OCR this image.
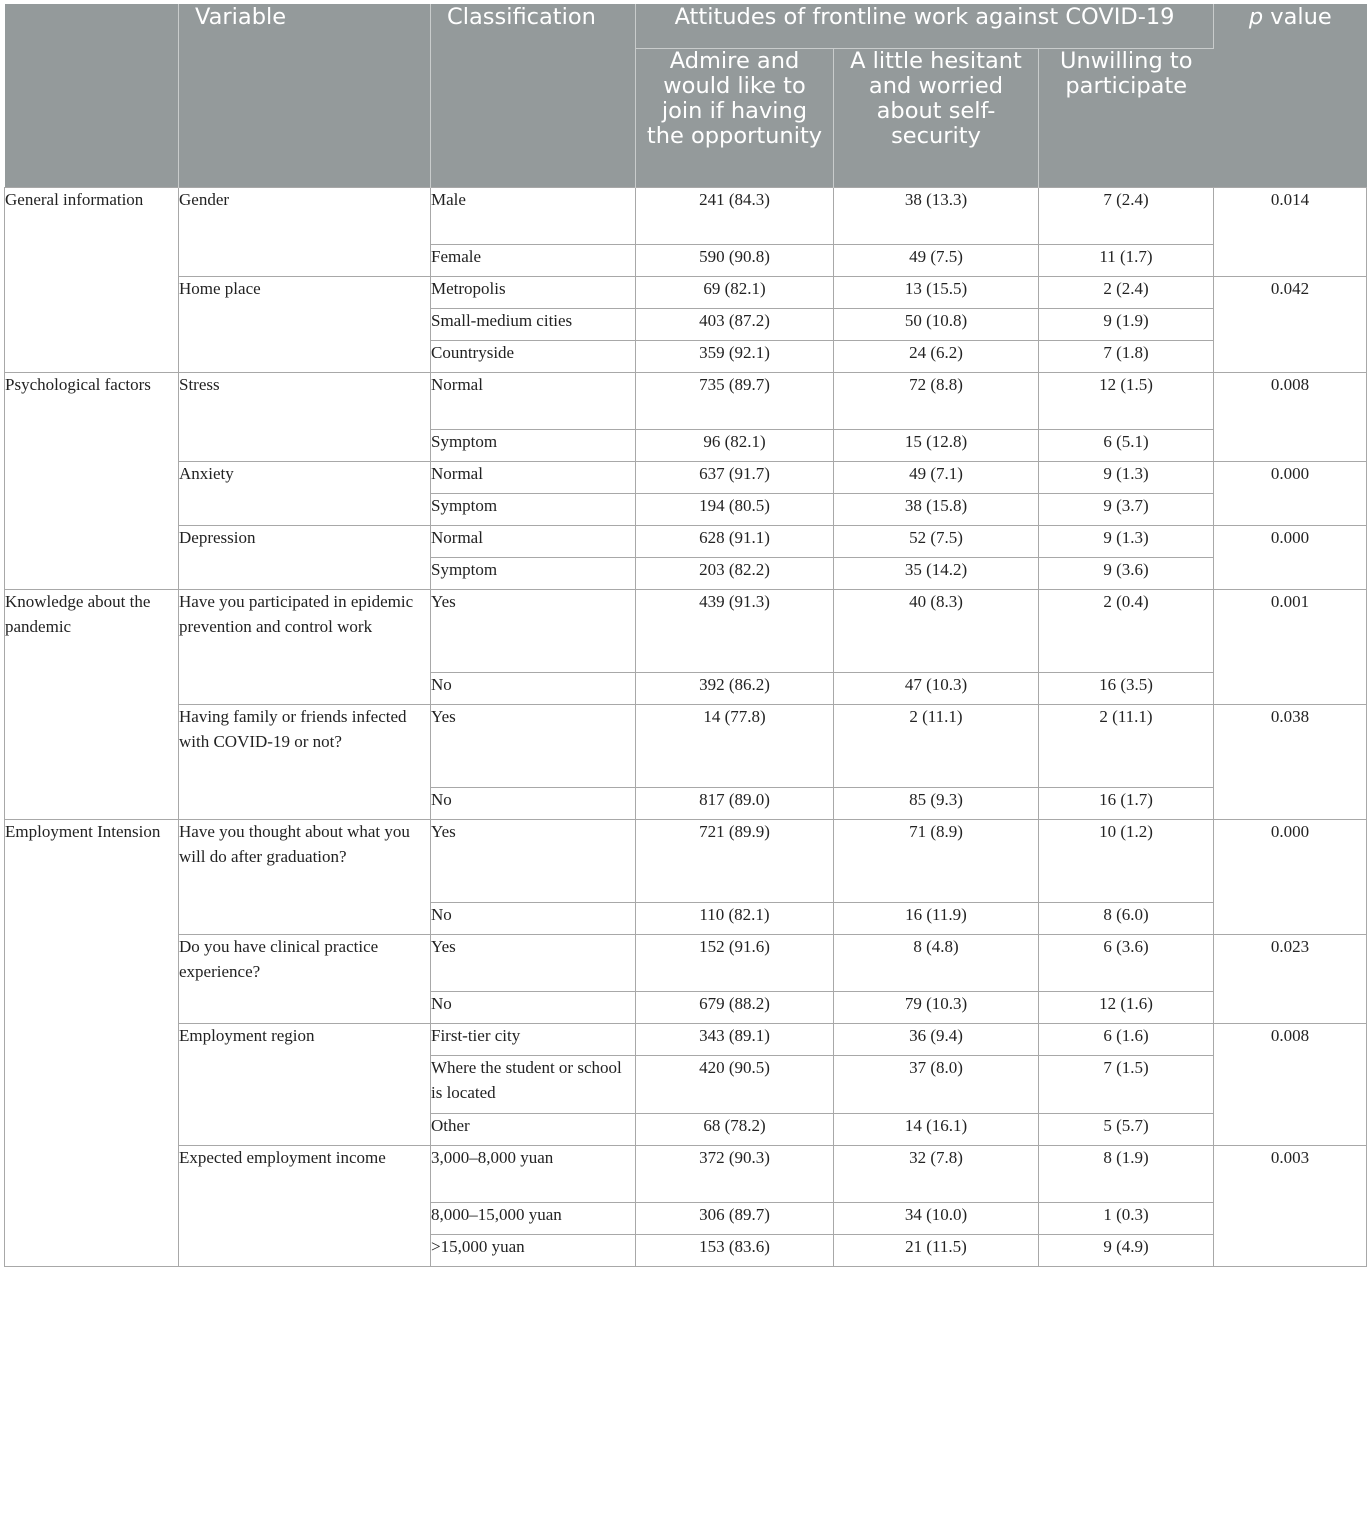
	Variable	Classification	Attitudes of frontline work against COVID-19			p value

			Admire and would like to join if having the opportunity	A little hesitant and worried about self-security	Unwilling to participate	

General information	Gender	Male	241 (84.3)	38 (13.3)	7 (2.4)	0.014
		Female	590 (90.8)	49 (7.5)	11 (1.7)	
	Home place	Metropolis	69 (82.1)	13 (15.5)	2 (2.4)	0.042
		Small-medium cities	403 (87.2)	50 (10.8)	9 (1.9)	
		Countryside	359 (92.1)	24 (6.2)	7 (1.8)	
Psychological factors	Stress	Normal	735 (89.7)	72 (8.8)	12 (1.5)	0.008
		Symptom	96 (82.1)	15 (12.8)	6 (5.1)	
	Anxiety	Normal	637 (91.7)	49 (7.1)	9 (1.3)	0.000
		Symptom	194 (80.5)	38 (15.8)	9 (3.7)	
	Depression	Normal	628 (91.1)	52 (7.5)	9 (1.3)	0.000
		Symptom	203 (82.2)	35 (14.2)	9 (3.6)	
Knowledge about the pandemic	Have you participated in epidemic prevention and control work	Yes	439 (91.3)	40 (8.3)	2 (0.4)	0.001
		No	392 (86.2)	47 (10.3)	16 (3.5)	
	Having family or friends infected with COVID-19 or not?	Yes	14 (77.8)	2 (11.1)	2 (11.1)	0.038
		No	817 (89.0)	85 (9.3)	16 (1.7)	
Employment Intension	Have you thought about what you will do after graduation?	Yes	721 (89.9)	71 (8.9)	10 (1.2)	0.000
		No	110 (82.1)	16 (11.9)	8 (6.0)	
	Do you have clinical practice experience?	Yes	152 (91.6)	8 (4.8)	6 (3.6)	0.023
		No	679 (88.2)	79 (10.3)	12 (1.6)	
	Employment region	First-tier city	343 (89.1)	36 (9.4)	6 (1.6)	0.008
		Where the student or school is located	420 (90.5)	37 (8.0)	7 (1.5)	
		Other	68 (78.2)	14 (16.1)	5 (5.7)	
	Expected employment income	3,000–8,000 yuan	372 (90.3)	32 (7.8)	8 (1.9)	0.003
		8,000–15,000 yuan	306 (89.7)	34 (10.0)	1 (0.3)	
		>15,000 yuan	153 (83.6)	21 (11.5)	9 (4.9)	
